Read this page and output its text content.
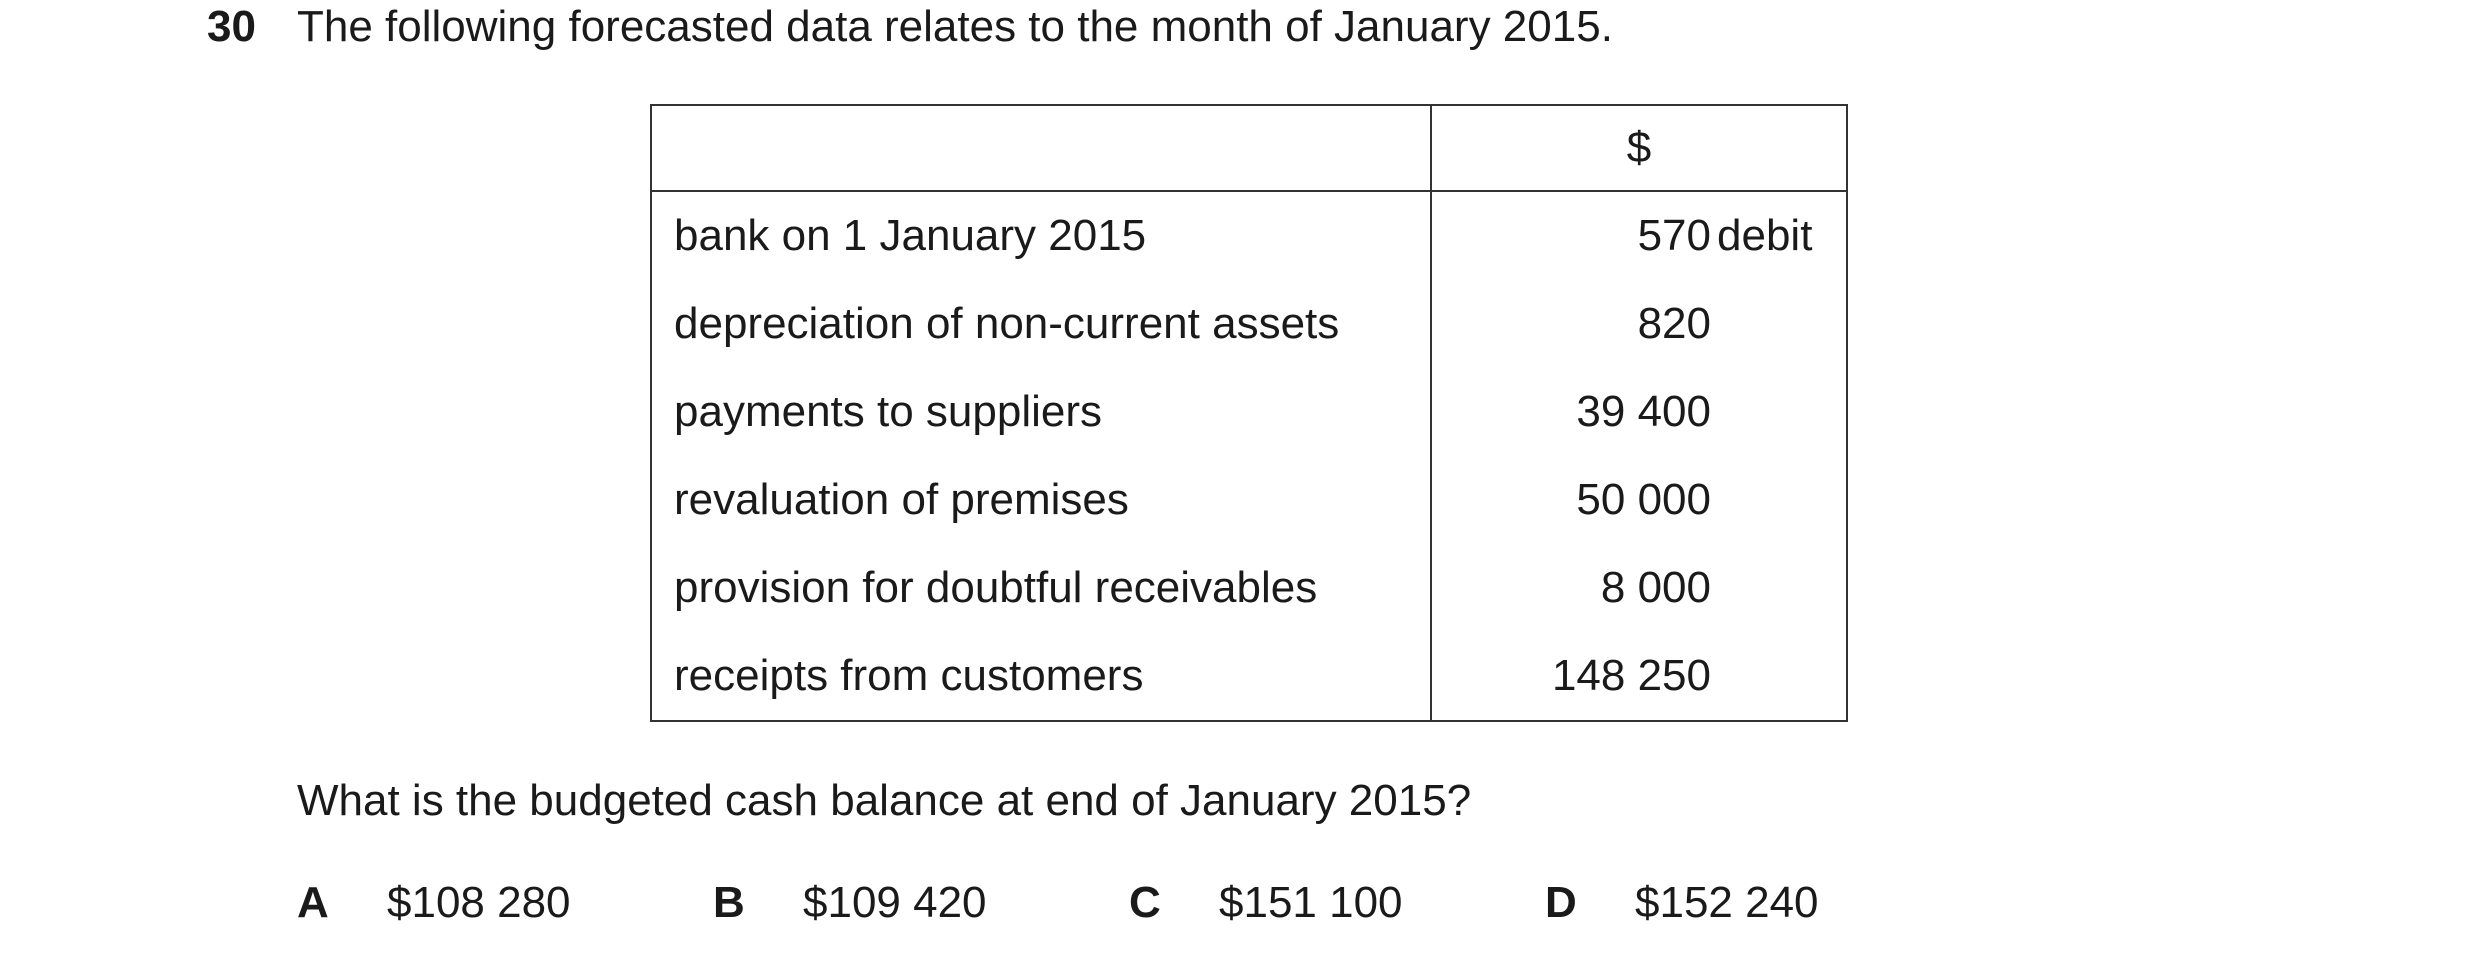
30 The following forecasted data relates to the month of January 2015.
	$
bank on 1 January 2015	570 debit

depreciation of non-current assets	820

payments to suppliers	39 400

revaluation of premises	50 000

provision for doubtful receivables	8 000

receipts from customers	148 250
What is the budgeted cash balance at end of January 2015?
A $108 280	B $109 420	C $151 100	D $152 240
